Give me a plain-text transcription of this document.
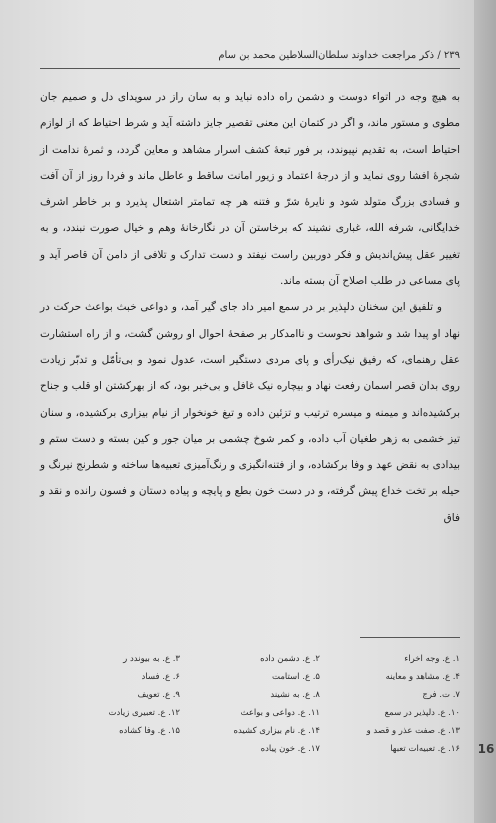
۲۳۹ / ذکر مراجعت خداوند سلطان‌السلاطین محمد بن سام

به هیچ وجه در اتواء دوست و دشمن راه داده نباید و به سان راز در سویدای دل و صمیم جان مطوی و مستور ماند، و اگر در کتمان این معنی تقصیر جایز داشته آید و شرط احتیاط که از لوازم احتیاط است، به تقدیم نپیوندد، بر فور تبعهٔ کشف اسرار مشاهد و معاین گردد، و ثمرهٔ ندامت از شجرهٔ افشا روی نماید و از درجهٔ اعتماد و زیور امانت ساقط و عاطل ماند و فردا روز از آن آفت و فسادی بزرگ متولد شود و نایرهٔ شرّ و فتنه هر چه تمامتر اشتعال پذیرد و بر خاطر اشرف خدایگانی، شرفه الله، غباری نشیند که برخاستن آن در نگارخانهٔ وهم و خیال صورت نبندد، و به تغییر عقل پیش‌اندیش و فکر دوربین راست نیفتد و دست تدارک و تلافی از دامن آن قاصر آید و پای مساعی در طلب اصلاح آن بسته ماند.

و تلفیق این سخنان دلپذیر بر در سمع امیر داد جای گیر آمد، و دواعی خبث بواعث حرکت در نهاد او پیدا شد و شواهد نحوست و ناامدکار بر صفحهٔ احوال او روشن گشت، و از راه استشارت عقل رهنمای، که رفیق نیک‌رأی و پای مردی دستگیر است، عدول نمود و بی‌تأمّل و تدبّر زیادت روی بدان قصر اسمان رفعت نهاد و بیچاره نیک غافل و بی‌خبر بود، که از بهرکشتن او قلب و جناح برکشیده‌اند و میمنه و میسره ترتیب و تزئین داده و تیغ خونخوار از نیام بیزاری برکشیده، و سنان تیز خشمی به زهر طغیان آب داده، و کمر شوخ چشمی بر میان جور و کین بسته و دست ستم و بیدادی به نقض عهد و وفا برکشاده، و از فتنه‌انگیزی و رنگ‌آمیزی تعبیه‌ها ساخته و شطرنج نیرنگ و حیله بر تخت خداع پیش گرفته، و در دست خون بطع و پایچه و پیاده دستان و فسون رانده و نقد و فاق

۱. ع. وجه اخراء
۲. ع. دشمن داده
۳. ع. به بیوندد ر
۴. ع. مشاهد و معاینه
۵. ع. استامت
۶. ع. فساد
۷. ت. فرج
۸. ع. به نشیند
۹. ع. تعویف
۱۰. ع. دلپذیر در سمع
۱۱. ع. دواعی و بواعث
۱۲. ع. تعبیری زیادت
۱۳. ع. صفت عذر و قصد و
۱۴. ع. نام بیزاری کشیده
۱۵. ع. وفا کشاده
۱۶. ع. تعبیه‌ات تعبها
۱۷. ع. خون پیاده	16
